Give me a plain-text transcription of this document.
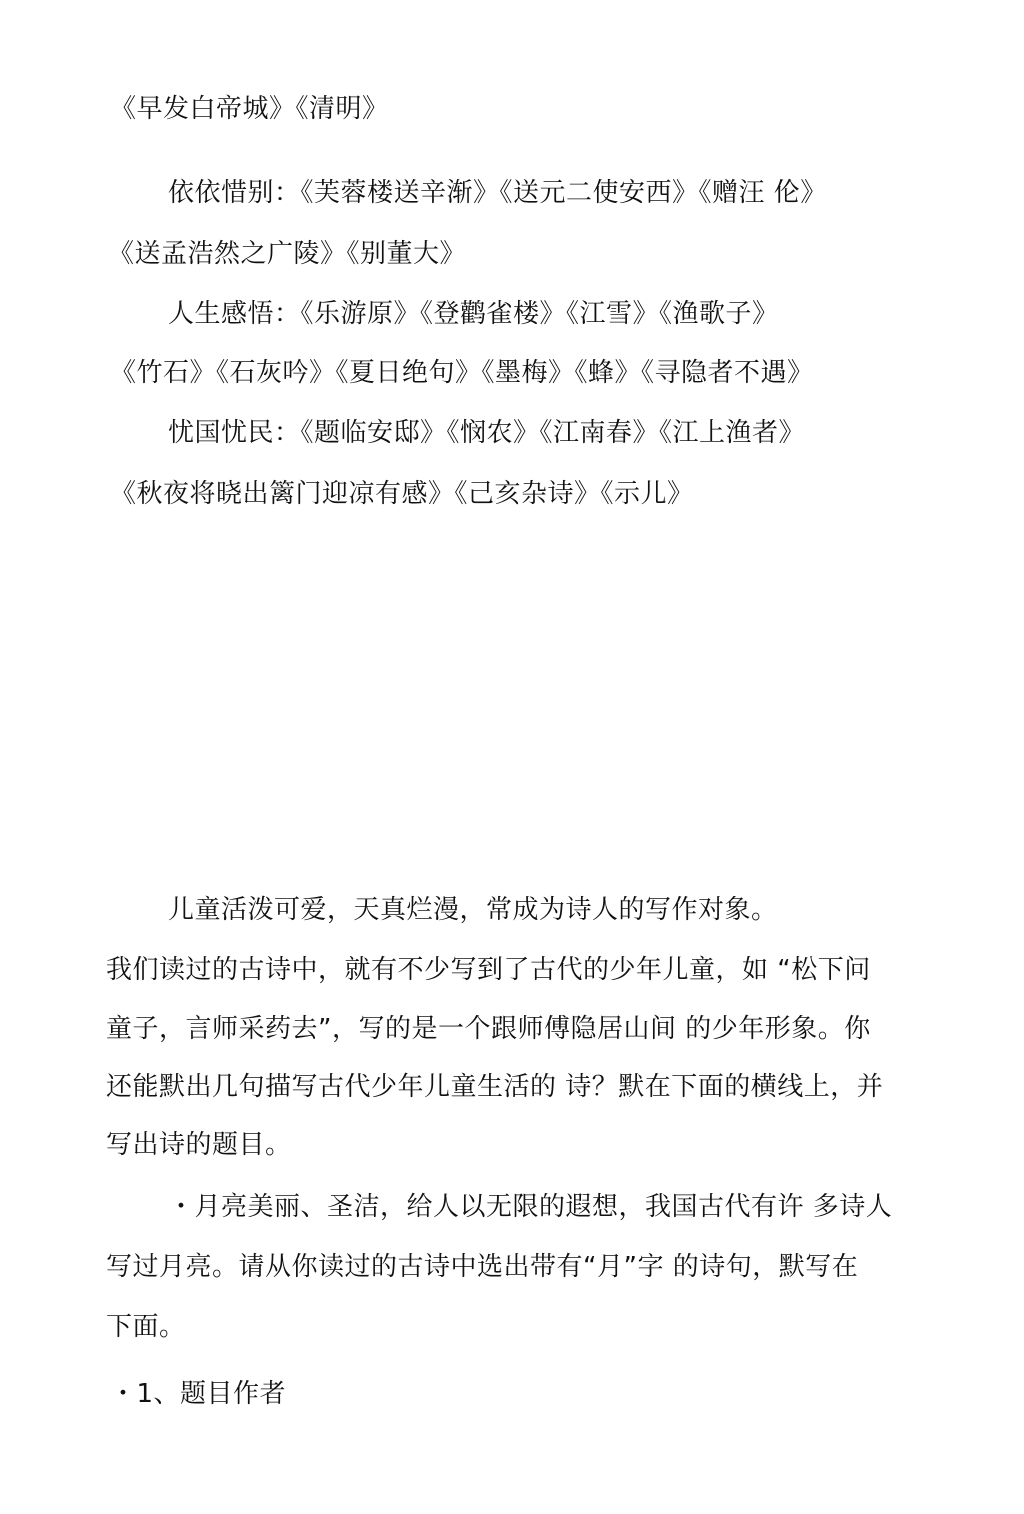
《早发白帝城》《清明》
依依惜别：《芙蓉楼送辛渐》《送元二使安西》《赠汪 伦》
《送孟浩然之广陵》《别董大》
人生感悟：《乐游原》《登鹳雀楼》《江雪》《渔歌子》
《竹石》《石灰吟》《夏日绝句》《墨梅》《蜂》《寻隐者不遇》
忧国忧民：《题临安邸》《悯农》《江南春》《江上渔者》
《秋夜将晓出篱门迎凉有感》《己亥杂诗》《示儿》
儿童活泼可爱，天真烂漫，常成为诗人的写作对象。
我们读过的古诗中，就有不少写到了古代的少年儿童，如 “松下问
童子，言师采药去”，写的是一个跟师傅隐居山间 的少年形象。你
还能默出几句描写古代少年儿童生活的 诗？默在下面的横线上，并
写出诗的题目。
・月亮美丽、圣洁，给人以无限的遐想，我国古代有许 多诗人
写过月亮。请从你读过的古诗中选出带有“月”字 的诗句，默写在
下面。
・1、题目作者
